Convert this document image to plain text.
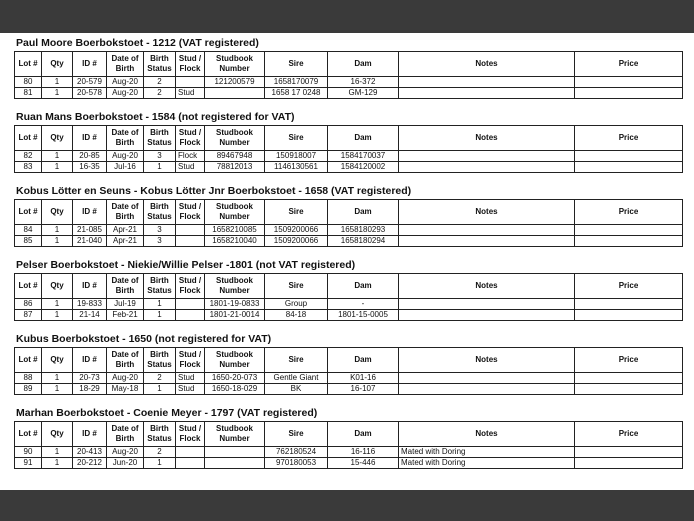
Paul Moore Boerbokstoet - 1212 (VAT registered)
Lot #	Qty	ID #	Date of Birth	Birth Status	Stud / Flock	Studbook Number	Sire	Dam	Notes	Price
80	1	20-579	Aug-20	2		121200579	1658170079	16-372		
81	1	20-578	Aug-20	2	Stud		1658 17 0248	GM-129		
Ruan Mans Boerbokstoet - 1584 (not registered for VAT)
Lot #	Qty	ID #	Date of Birth	Birth Status	Stud / Flock	Studbook Number	Sire	Dam	Notes	Price
82	1	20-85	Aug-20	3	Flock	89467948	150918007	1584170037		
83	1	16-35	Jul-16	1	Stud	78812013	1146130561	1584120002		
Kobus Lötter en Seuns - Kobus Lötter Jnr Boerbokstoet - 1658 (VAT registered)
Lot #	Qty	ID #	Date of Birth	Birth Status	Stud / Flock	Studbook Number	Sire	Dam	Notes	Price
84	1	21-085	Apr-21	3		1658210085	1509200066	1658180293		
85	1	21-040	Apr-21	3		1658210040	1509200066	1658180294		
Pelser Boerbokstoet - Niekie/Willie Pelser -1801 (not VAT registered)
Lot #	Qty	ID #	Date of Birth	Birth Status	Stud / Flock	Studbook Number	Sire	Dam	Notes	Price
86	1	19-833	Jul-19	1		1801-19-0833	Group	-		
87	1	21-14	Feb-21	1		1801-21-0014	84-18	1801-15-0005		
Kubus Boerbokstoet - 1650 (not registered for VAT)
Lot #	Qty	ID #	Date of Birth	Birth Status	Stud / Flock	Studbook Number	Sire	Dam	Notes	Price
88	1	20-73	Aug-20	2	Stud	1650-20-073	Gentle Giant	K01-16		
89	1	18-29	May-18	1	Stud	1650-18-029	BK	16-107		
Marhan Boerbokstoet - Coenie Meyer - 1797 (VAT registered)
Lot #	Qty	ID #	Date of Birth	Birth Status	Stud / Flock	Studbook Number	Sire	Dam	Notes	Price
90	1	20-413	Aug-20	2			762180524	16-116	Mated with Doring	
91	1	20-212	Jun-20	1			970180053	15-446	Mated with Doring	
